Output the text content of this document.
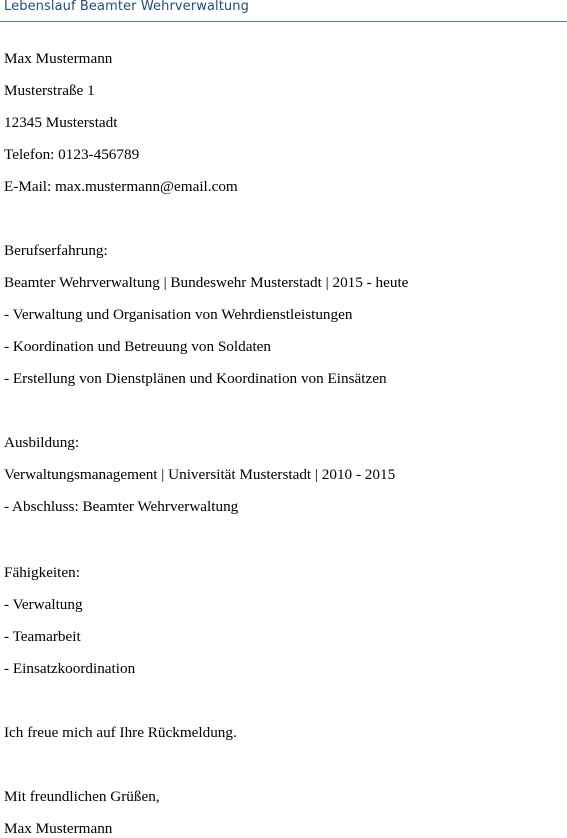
Lebenslauf Beamter Wehrverwaltung
Max Mustermann
Musterstraße 1
12345 Musterstadt
Telefon: 0123-456789
E-Mail: max.mustermann@email.com
Berufserfahrung:
Beamter Wehrverwaltung | Bundeswehr Musterstadt | 2015 - heute
- Verwaltung und Organisation von Wehrdienstleistungen
- Koordination und Betreuung von Soldaten
- Erstellung von Dienstplänen und Koordination von Einsätzen
Ausbildung:
Verwaltungsmanagement | Universität Musterstadt | 2010 - 2015
- Abschluss: Beamter Wehrverwaltung
Fähigkeiten:
- Verwaltung
- Teamarbeit
- Einsatzkoordination
Ich freue mich auf Ihre Rückmeldung.
Mit freundlichen Grüßen,
Max Mustermann
